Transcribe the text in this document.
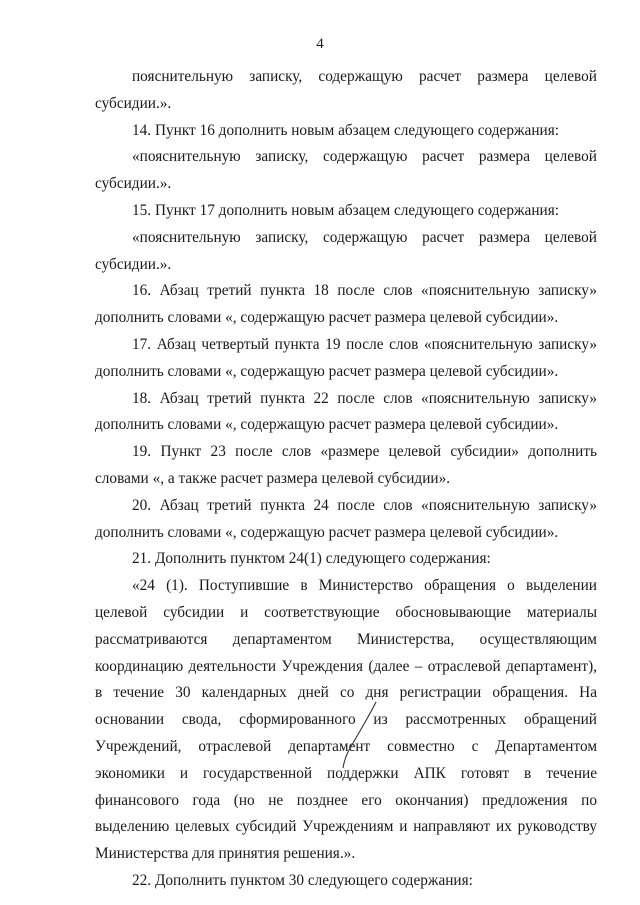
4

пояснительную записку, содержащую расчет размера целевой субсидии.».

14. Пункт 16 дополнить новым абзацем следующего содержания:

«пояснительную записку, содержащую расчет размера целевой субсидии.».

15. Пункт 17 дополнить новым абзацем следующего содержания:

«пояснительную записку, содержащую расчет размера целевой субсидии.».

16. Абзац третий пункта 18 после слов «пояснительную записку» дополнить словами «, содержащую расчет размера целевой субсидии».

17. Абзац четвертый пункта 19 после слов «пояснительную записку» дополнить словами «, содержащую расчет размера целевой субсидии».

18. Абзац третий пункта 22 после слов «пояснительную записку» дополнить словами «, содержащую расчет размера целевой субсидии».

19. Пункт 23 после слов «размере целевой субсидии» дополнить словами «, а также расчет размера целевой субсидии».

20. Абзац третий пункта 24 после слов «пояснительную записку» дополнить словами «, содержащую расчет размера целевой субсидии».

21. Дополнить пунктом 24(1) следующего содержания:

«24 (1). Поступившие в Министерство обращения о выделении целевой субсидии и соответствующие обосновывающие материалы рассматриваются департаментом Министерства, осуществляющим координацию деятельности Учреждения (далее – отраслевой департамент), в течение 30 календарных дней со дня регистрации обращения. На основании свода, сформированного из рассмотренных обращений Учреждений, отраслевой департамент совместно с Департаментом экономики и государственной поддержки АПК готовят в течение финансового года (но не позднее его окончания) предложения по выделению целевых субсидий Учреждениям и направляют их руководству Министерства для принятия решения.».

22. Дополнить пунктом 30 следующего содержания:
